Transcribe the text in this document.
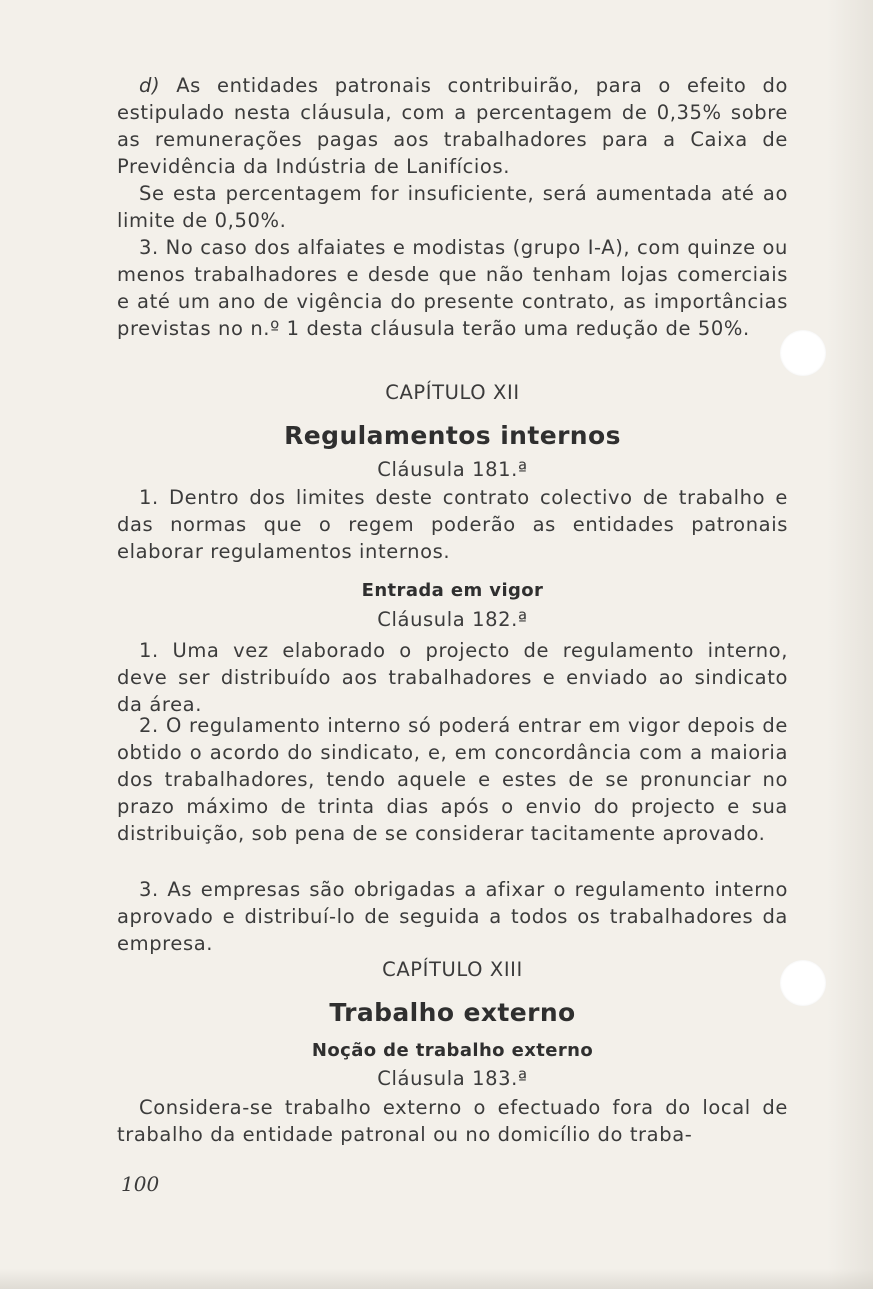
d) As entidades patronais contribuirão, para o efeito do estipulado nesta cláusula, com a percentagem de 0,35% sobre as remunerações pagas aos trabalhadores para a Caixa de Previdência da Indústria de Lanifícios.
Se esta percentagem for insuficiente, será aumentada até ao limite de 0,50%.
3. No caso dos alfaiates e modistas (grupo I-A), com quinze ou menos trabalhadores e desde que não tenham lojas comerciais e até um ano de vigência do presente contrato, as importâncias previstas no n.º 1 desta cláusula terão uma redução de 50%.
CAPÍTULO XII
Regulamentos internos
Cláusula 181.ª
1. Dentro dos limites deste contrato colectivo de trabalho e das normas que o regem poderão as entidades patronais elaborar regulamentos internos.
Entrada em vigor
Cláusula 182.ª
1. Uma vez elaborado o projecto de regulamento interno, deve ser distribuído aos trabalhadores e enviado ao sindicato da área.
2. O regulamento interno só poderá entrar em vigor depois de obtido o acordo do sindicato, e, em concordância com a maioria dos trabalhadores, tendo aquele e estes de se pronunciar no prazo máximo de trinta dias após o envio do projecto e sua distribuição, sob pena de se considerar tacitamente aprovado.
3. As empresas são obrigadas a afixar o regulamento interno aprovado e distribuí-lo de seguida a todos os trabalhadores da empresa.
CAPÍTULO XIII
Trabalho externo
Noção de trabalho externo
Cláusula 183.ª
Considera-se trabalho externo o efectuado fora do local de trabalho da entidade patronal ou no domicílio do traba-
100
